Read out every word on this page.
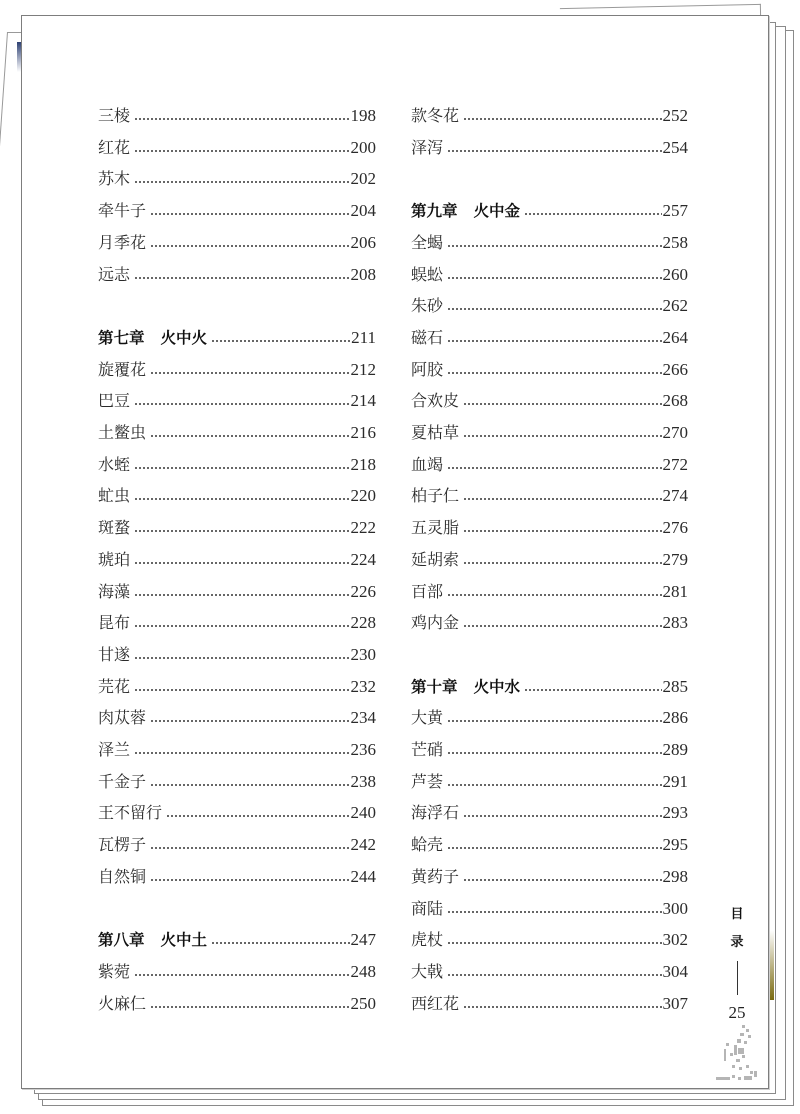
三棱	198
红花	200
苏木	202
牵牛子	204
月季花	206
远志	208
第七章 火中火	211
旋覆花	212
巴豆	214
土鳖虫	216
水蛭	218
虻虫	220
斑蝥	222
琥珀	224
海藻	226
昆布	228
甘遂	230
芫花	232
肉苁蓉	234
泽兰	236
千金子	238
王不留行	240
瓦楞子	242
自然铜	244
第八章 火中土	247
紫菀	248
火麻仁	250
款冬花	252
泽泻	254
第九章 火中金	257
全蝎	258
蜈蚣	260
朱砂	262
磁石	264
阿胶	266
合欢皮	268
夏枯草	270
血竭	272
柏子仁	274
五灵脂	276
延胡索	279
百部	281
鸡内金	283
第十章 火中水	285
大黄	286
芒硝	289
芦荟	291
海浮石	293
蛤壳	295
黄药子	298
商陆	300
虎杖	302
大戟	304
西红花	307
目
录
25
